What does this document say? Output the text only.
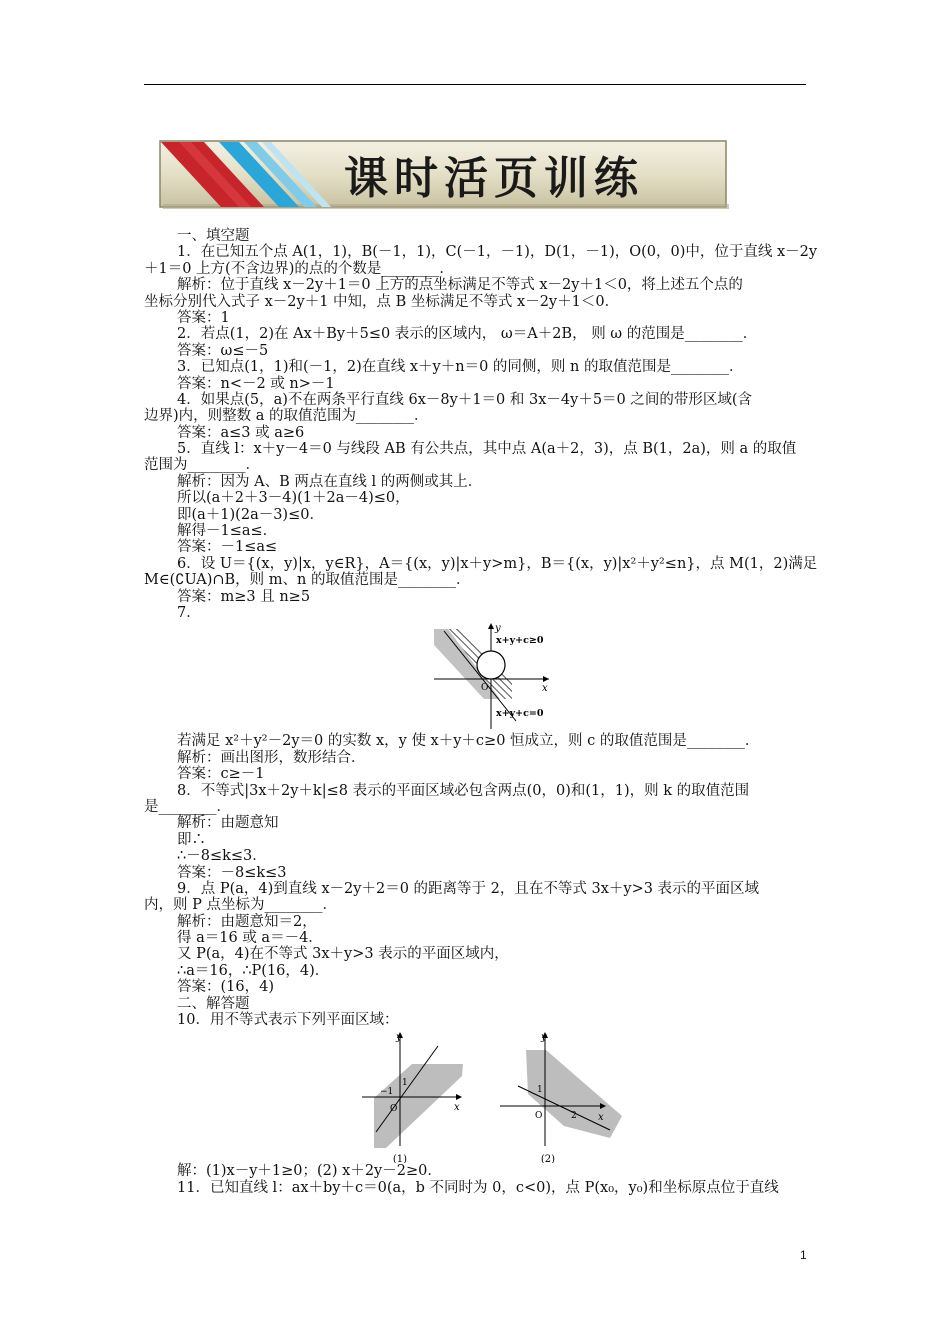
课时活页训练
一、填空题
1．在已知五个点 A(1，1)，B(－1，1)，C(－1，－1)，D(1，－1)，O(0，0)中，位于直线 x－2y
＋1＝0 上方(不含边界)的点的个数是________．
解析：位于直线 x－2y＋1＝0 上方的点坐标满足不等式 x－2y＋1＜0，将上述五个点的
坐标分别代入式子 x－2y＋1 中知，点 B 坐标满足不等式 x－2y＋1＜0．
答案：1
2．若点(1，2)在 Ax＋By＋5≤0 表示的区域内， ω＝A＋2B， 则 ω 的范围是________．
答案：ω≤－5
3．已知点(1，1)和(－1，2)在直线 x＋y＋n＝0 的同侧，则 n 的取值范围是________．
答案：n<－2 或 n>－1
4．如果点(5，a)不在两条平行直线 6x－8y＋1＝0 和 3x－4y＋5＝0 之间的带形区域(含
边界)内，则整数 a 的取值范围为________．
答案：a≤3 或 a≥6
5．直线 l：x＋y－4＝0 与线段 AB 有公共点，其中点 A(a＋2，3)，点 B(1，2a)，则 a 的取值
范围为________．
解析：因为 A、B 两点在直线 l 的两侧或其上．
所以(a＋2＋3－4)(1＋2a－4)≤0，
即(a＋1)(2a－3)≤0．
解得－1≤a≤．
答案：－1≤a≤
6．设 U＝{(x，y)|x，y∈R}，A＝{(x，y)|x＋y>m}，B＝{(x，y)|x²＋y²≤n}，点 M(1，2)满足
M∈(∁UA)∩B，则 m、n 的取值范围是________．
答案：m≥3 且 n≥5
7．
y
x
O
x+y+c≥0
x+y+c=0
若满足 x²＋y²－2y＝0 的实数 x，y 使 x＋y＋c≥0 恒成立，则 c 的取值范围是________．
解析：画出图形，数形结合．
答案：c≥－1
8．不等式|3x＋2y＋k|≤8 表示的平面区域必包含两点(0，0)和(1，1)，则 k 的取值范围
是________．
解析：由题意知
即∴
∴－8≤k≤3．
答案：－8≤k≤3
9．点 P(a，4)到直线 x－2y＋2＝0 的距离等于 2，且在不等式 3x＋y>3 表示的平面区域
内，则 P 点坐标为________．
解析：由题意知＝2，
得 a＝16 或 a＝－4．
又 P(a，4)在不等式 3x＋y>3 表示的平面区域内，
∴a＝16，∴P(16，4)．
答案：(16，4)
二、解答题
10．用不等式表示下列平面区域：
y
x
O
1
−1
(1)
y
x
O
1
2
(2)
解：(1)x－y＋1≥0；(2) x＋2y－2≥0．
11．已知直线 l：ax＋by＋c＝0(a，b 不同时为 0，c<0)，点 P(x₀，y₀)和坐标原点位于直线
1
